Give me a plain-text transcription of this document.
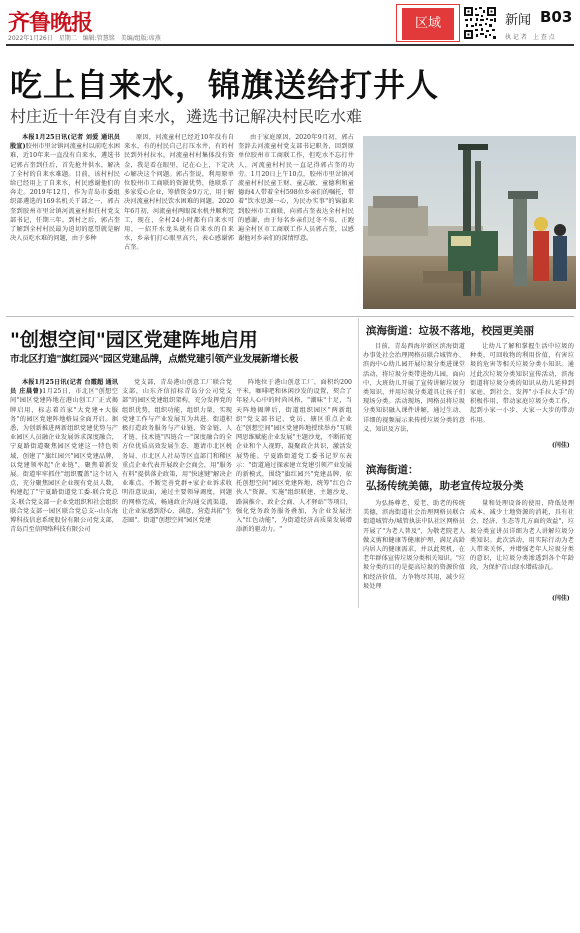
齐鲁晚报
2022年1月26日　星期二　编辑:管慧铭　美编/组版:席燕
区域	新闻 B03
执 记 者　上 查 点
吃上自来水，锦旗送给打井人
村庄近十年没有自来水，遴选书记解决村民吃水难
本报1月25日讯(记者 刘爱 通讯员 殷宣)胶州市里岔镇河流童村以前吃水困难，近10年来一直没有自来水，遴选书记郭占奎到任后，首先抢井供水，解决了全村的自来水难题。目前，该村村民给已经用上了自来水，村民感谢他们的奔走。2019年12月，作为青岛市委组织部遴选的169名机关干部之一，郭占奎到胶州市里岔镇河流童村担任村党支部书记，任期三年。到村之后，郭占奎了解到全村村民最为迫切的愿望就是解决人员吃水难的问题，由于多种
原因，河流童村已经近10年没有自来水，有的村民自己打压水井，有的村民到外村拉水。河流童村村集体没有资金，我是看在眼里，记在心上，下定决心解决这个问题。郭占奎说，利用原单位胶州市工商联的资源优势，他联系了多家爱心企业，筹措资金9万元，用于解决河流童村村民饮水困难的问题。2020年6月初，河流童村两眼深水机井顺利完工，现在，全村24小时都有自来水可用，一招开水龙头就有自来水的自来水，乡亲们打心眼里高兴，表心感谢郭占奎。
由于家庭原因，2020年9月初，郭占奎辞去河流童村党支部书记职务，回到原单位胶州市工商联工作，但吃水不忘打井人，河流童村村民一直记得郭占奎的功劳。1月20日上午10点，胶州市里岔镇河流童村村民童王财、童志敏、童德利和童德海4人带着全村598位乡亲们的嘱托，带着"饮水思源一心，为民办实事"的锦旗来到胶州市工商联，向郭占奎表达全村村民的感谢，由于每名乡亲们过冬不易，正跑遍全村区市工商联工作人员郭占奎，以感谢他对乡亲们的深情厚意。
滨海街道：垃圾不落地，校园更美丽
目前，青岛西海岸新区滨海街道办事处社会治理网格员联合城管办、滨海中心幼儿园开展垃圾分类进课堂活动，将垃圾分类带进幼儿园，面向中、大班幼儿开展了宣传讲解垃圾分类知识，并用垃圾分类道具让孩子们现场分类。活动现场，网格员将垃圾分类知识融入课件讲解，通过生动、详细的视频展示来传授垃圾分类的意义、知识及方法，
让幼儿了解和掌握生活中垃圾的种类，可回收物的利用价值，有害垃圾的危害等相关垃圾分类小知识。通过此次垃圾分类知识宣传活动，滨海街道将垃圾分类的知识从幼儿延伸到家庭，到社会，发挥"小手拉大手"的积极作用，带动家庭垃圾分类工作，起到小家一小步、大家一大步的带动作用。
(闫佳)
滨海街道：
弘扬传统美德，助老宣传垃圾分类
为弘扬尊老、爱老、助老的传统美德，滨海街道社会治理网格员联合街道城管办/城管执法中队社区网格员开展了"为老人普及"、为敬老院老人做义剪和健康等健康护理，满足高龄内居人的健康需求，并以此契机，在老年群体宣传垃圾分类相关知识。"垃圾分类的目的是提高垃圾的资源价值和经济价值，力争物尽其用，减少垃圾处理
量和处理设备的使用，降低处理成本，减少土地资源的消耗，具有社会、经济、生态等几方面的效益"，垃圾分类宣讲员详细为老人讲解垃圾分类知识。此次活动，用实际行动为老人带来关怀，并增强老年人垃圾分类的意识，让垃圾分类渗透到各个年龄段，为保护青山绿水增砖添瓦。
(闫佳)
"创想空间"园区党建阵地启用
市北区打造"旗红园兴"园区党建品牌，点燃党建引领产业发展新增长极
本报1月25日讯(记者 台霞超 通讯员 庄晨曾)1月25日，市北区"创想空间"园区党建阵地在港山创工厂正式揭牌启用，标志着首家"大党建+大服务"的园区党建阵地格局全面开启。据悉，为创新推进两新组织党建优势与产业园区人员融企业发展诉求深度融合，宁夏路街道聚焦园区党建这一特色领域，创建了"旗红园兴"园区党建品牌，以党建领率起"企业链"，聚焦着新发展。街道牢牢抓住"组织覆盖"这个切入点，充分聚焦园区企业现有党员人数，构建起了"宁夏路街道党工委-联合党总支-联合党支部一企业党组织和社会组织联合党支部一园区联合党总支--山东海博科技信息系统股份有限公司党支部，青岛百至信网络科技有限公司
党支部，青岛港山创意工厂联合党支部，山东齐信招标青岛分公司党支部"的园区党建组织架构，充分发挥党的组织优势，组织功能，组织力量，实现党建工作与产业发展互为共进。街道积极打造政务服务与产业链、资金链、人才链、技术链"四链合一"深度融合的全方位优质高效发展生态，邀请市北区税务局、市北区人社局等区直部门和稀区重点企业代表开展政企会商会，用"服务有料"提供落企政策，用"快速键"解决企业难点。不断完善党群+家企业诉求收明沿意说面，通过主要领导调度，问题的网格完成，畅通政企沟通交流渠道，让企业家感到舒心、满意，营造共拓"生态圈"。街道"创想空间"园区党建
阵地位于港山创意工厂，面积约200平米，咖啡吧和休闲沙发的设置，契合了年轻人心中的时尚风格，"潮味"十足，当天阵地揭牌后，街道组织园区"两新组织"党支部书记、党员、辖区重点企业在"创想空间"园区党建阵地授续举办"互联网思维赋能企业发展"主题沙龙，不断拓宽企业和个人视野，凝聚政企共识，激活发展势能。宁夏路街道党工委书记罗东表示："街道通过探索建立党建引领产业发展的新模式，围绕"旗红园兴"党建品牌，依托创想空间"园区党建阵地，统筹"红色合伙人"资源，实施"组织联建、主题沙龙、路演推介、政企会商、人才驿站"等项目，强化党务政务服务叠加，为企业发展注入"红色动能"，为街道经济高质量发展增添新的驱动力。"
